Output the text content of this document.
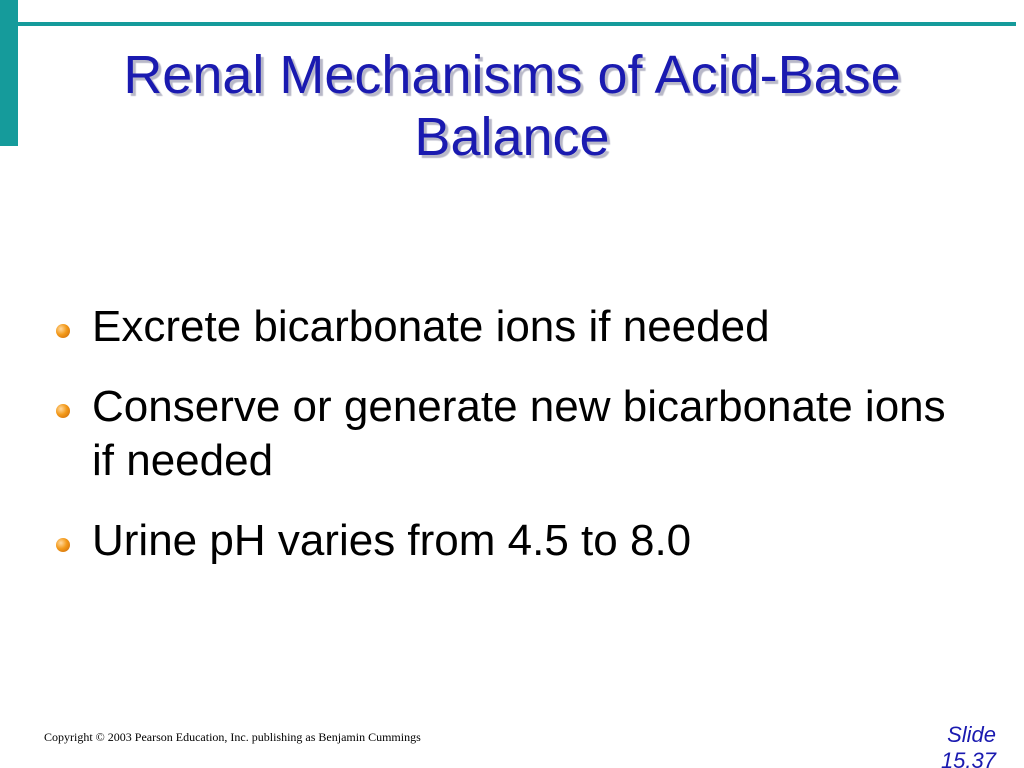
Renal Mechanisms of Acid-Base
Balance
Excrete bicarbonate ions if needed
Conserve or generate new bicarbonate ions if needed
Urine pH varies from 4.5 to 8.0
Copyright © 2003 Pearson Education, Inc. publishing as Benjamin Cummings	Slide
15.37
